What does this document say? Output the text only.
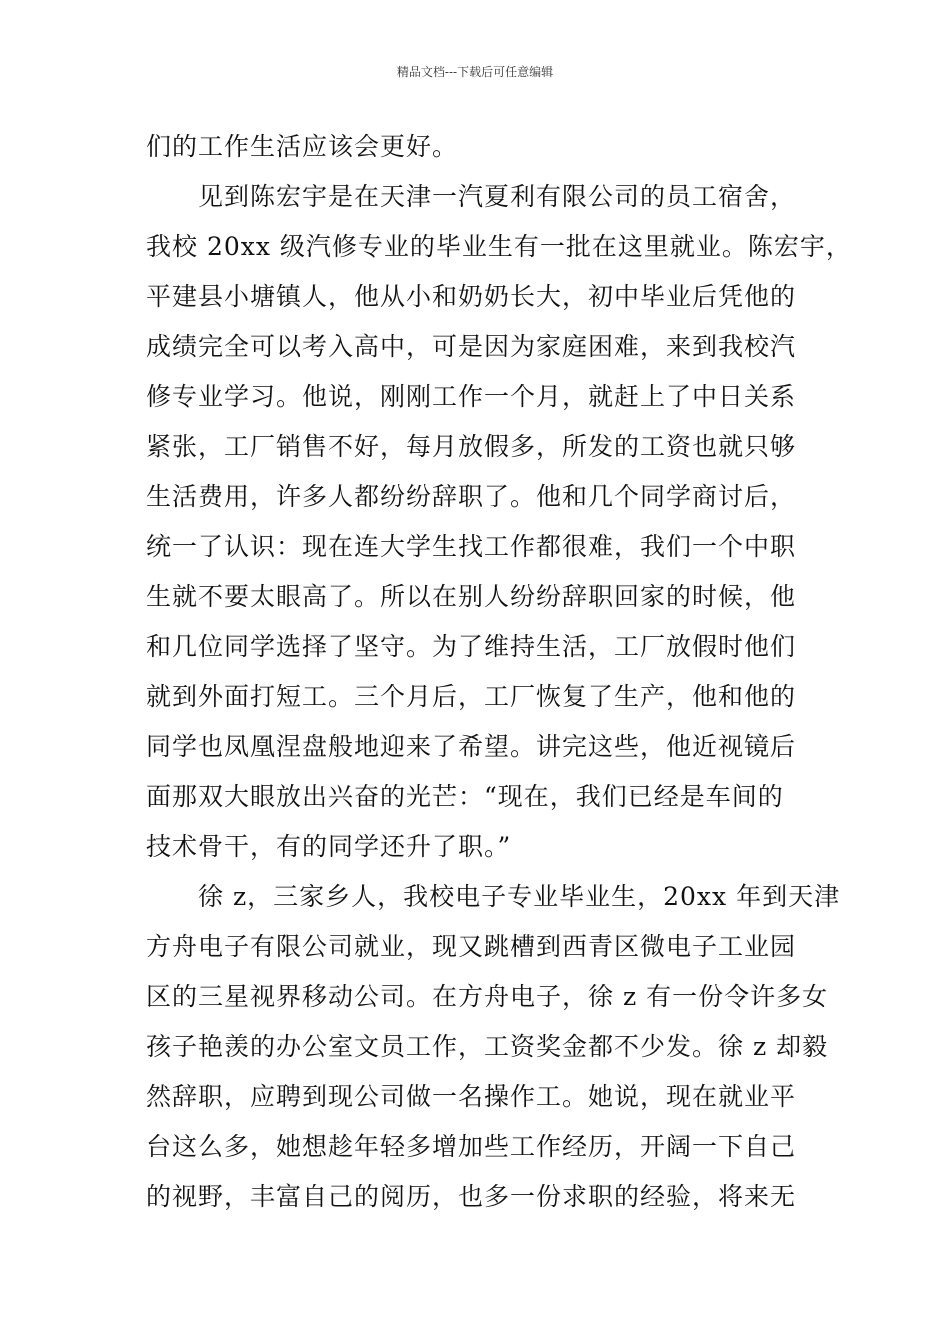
精品文档---下载后可任意编辑
们的工作生活应该会更好。
见到陈宏宇是在天津一汽夏利有限公司的员工宿舍，
我校 20xx 级汽修专业的毕业生有一批在这里就业。陈宏宇，
平建县小塘镇人，他从小和奶奶长大，初中毕业后凭他的
成绩完全可以考入高中，可是因为家庭困难，来到我校汽
修专业学习。他说，刚刚工作一个月，就赶上了中日关系
紧张，工厂销售不好，每月放假多，所发的工资也就只够
生活费用，许多人都纷纷辞职了。他和几个同学商讨后，
统一了认识：现在连大学生找工作都很难，我们一个中职
生就不要太眼高了。所以在别人纷纷辞职回家的时候，他
和几位同学选择了坚守。为了维持生活，工厂放假时他们
就到外面打短工。三个月后，工厂恢复了生产，他和他的
同学也凤凰涅盘般地迎来了希望。讲完这些，他近视镜后
面那双大眼放出兴奋的光芒：“现在，我们已经是车间的
技术骨干，有的同学还升了职。”
徐 z，三家乡人，我校电子专业毕业生，20xx 年到天津
方舟电子有限公司就业，现又跳槽到西青区微电子工业园
区的三星视界移动公司。在方舟电子，徐 z 有一份令许多女
孩子艳羡的办公室文员工作，工资奖金都不少发。徐 z 却毅
然辞职，应聘到现公司做一名操作工。她说，现在就业平
台这么多，她想趁年轻多增加些工作经历，开阔一下自己
的视野，丰富自己的阅历，也多一份求职的经验，将来无
